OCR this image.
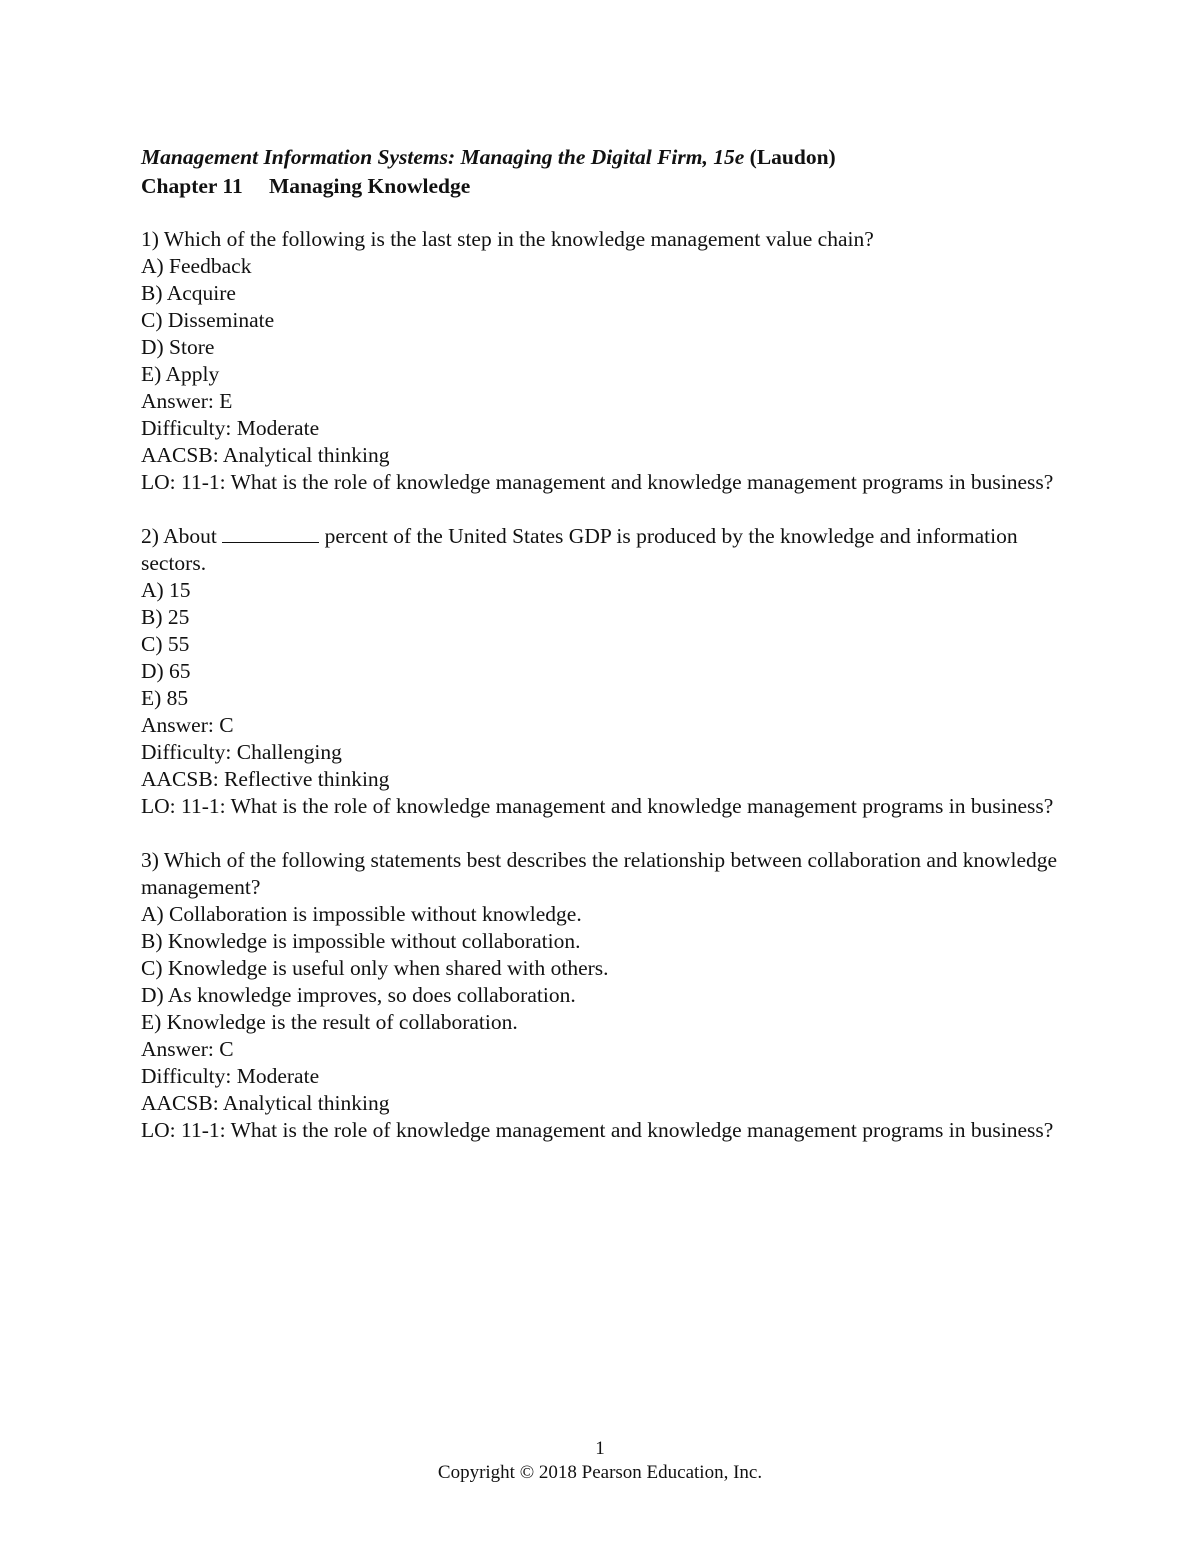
Management Information Systems: Managing the Digital Firm, 15e (Laudon)
Chapter 11 Managing Knowledge
1) Which of the following is the last step in the knowledge management value chain?
A) Feedback
B) Acquire
C) Disseminate
D) Store
E) Apply
Answer: E
Difficulty: Moderate
AACSB: Analytical thinking
LO: 11-1: What is the role of knowledge management and knowledge management programs in business?
2) About	percent of the United States GDP is produced by the knowledge and information sectors.
A) 15
B) 25
C) 55
D) 65
E) 85
Answer: C
Difficulty: Challenging
AACSB: Reflective thinking
LO: 11-1: What is the role of knowledge management and knowledge management programs in business?
3) Which of the following statements best describes the relationship between collaboration and knowledge management?
A) Collaboration is impossible without knowledge.
B) Knowledge is impossible without collaboration.
C) Knowledge is useful only when shared with others.
D) As knowledge improves, so does collaboration.
E) Knowledge is the result of collaboration.
Answer: C
Difficulty: Moderate
AACSB: Analytical thinking
LO: 11-1: What is the role of knowledge management and knowledge management programs in business?
1
Copyright © 2018 Pearson Education, Inc.
